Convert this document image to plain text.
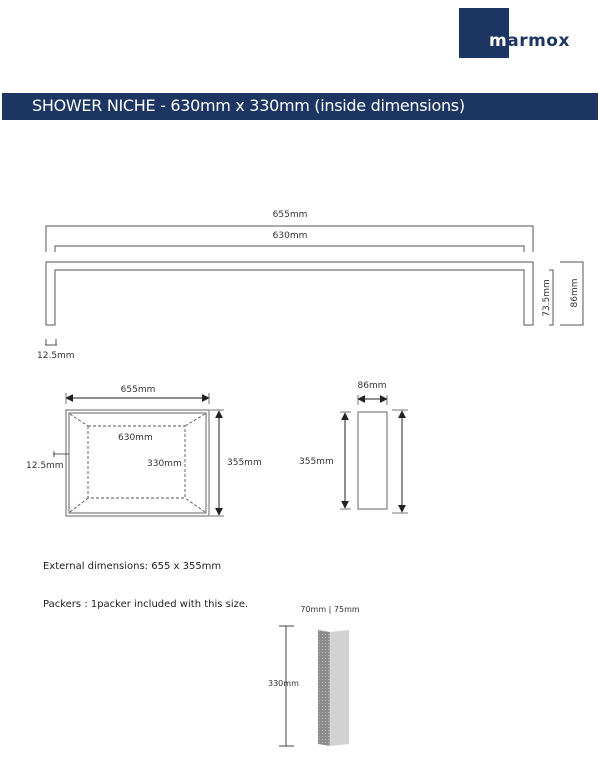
marmox
SHOWER NICHE - 630mm x 330mm (inside dimensions)
655mm
630mm
12.5mm
73.5mm 86mm
655mm
630mm
330mm	355mm
12.5mm
86mm
355mm
70mm | 75mm
330mm
External dimensions: 655 x 355mm
Packers : 1packer included with this size.
